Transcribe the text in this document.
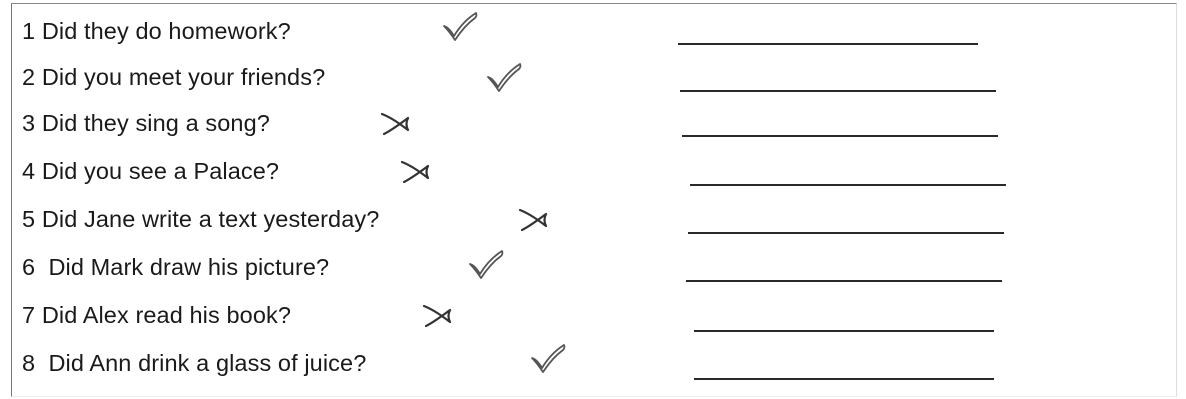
1 Did they do homework?
2 Did you meet your friends?
3 Did they sing a song?
4 Did you see a Palace?
5 Did Jane write a text yesterday?
6  Did Mark draw his picture?
7 Did Alex read his book?
8  Did Ann drink a glass of juice?
